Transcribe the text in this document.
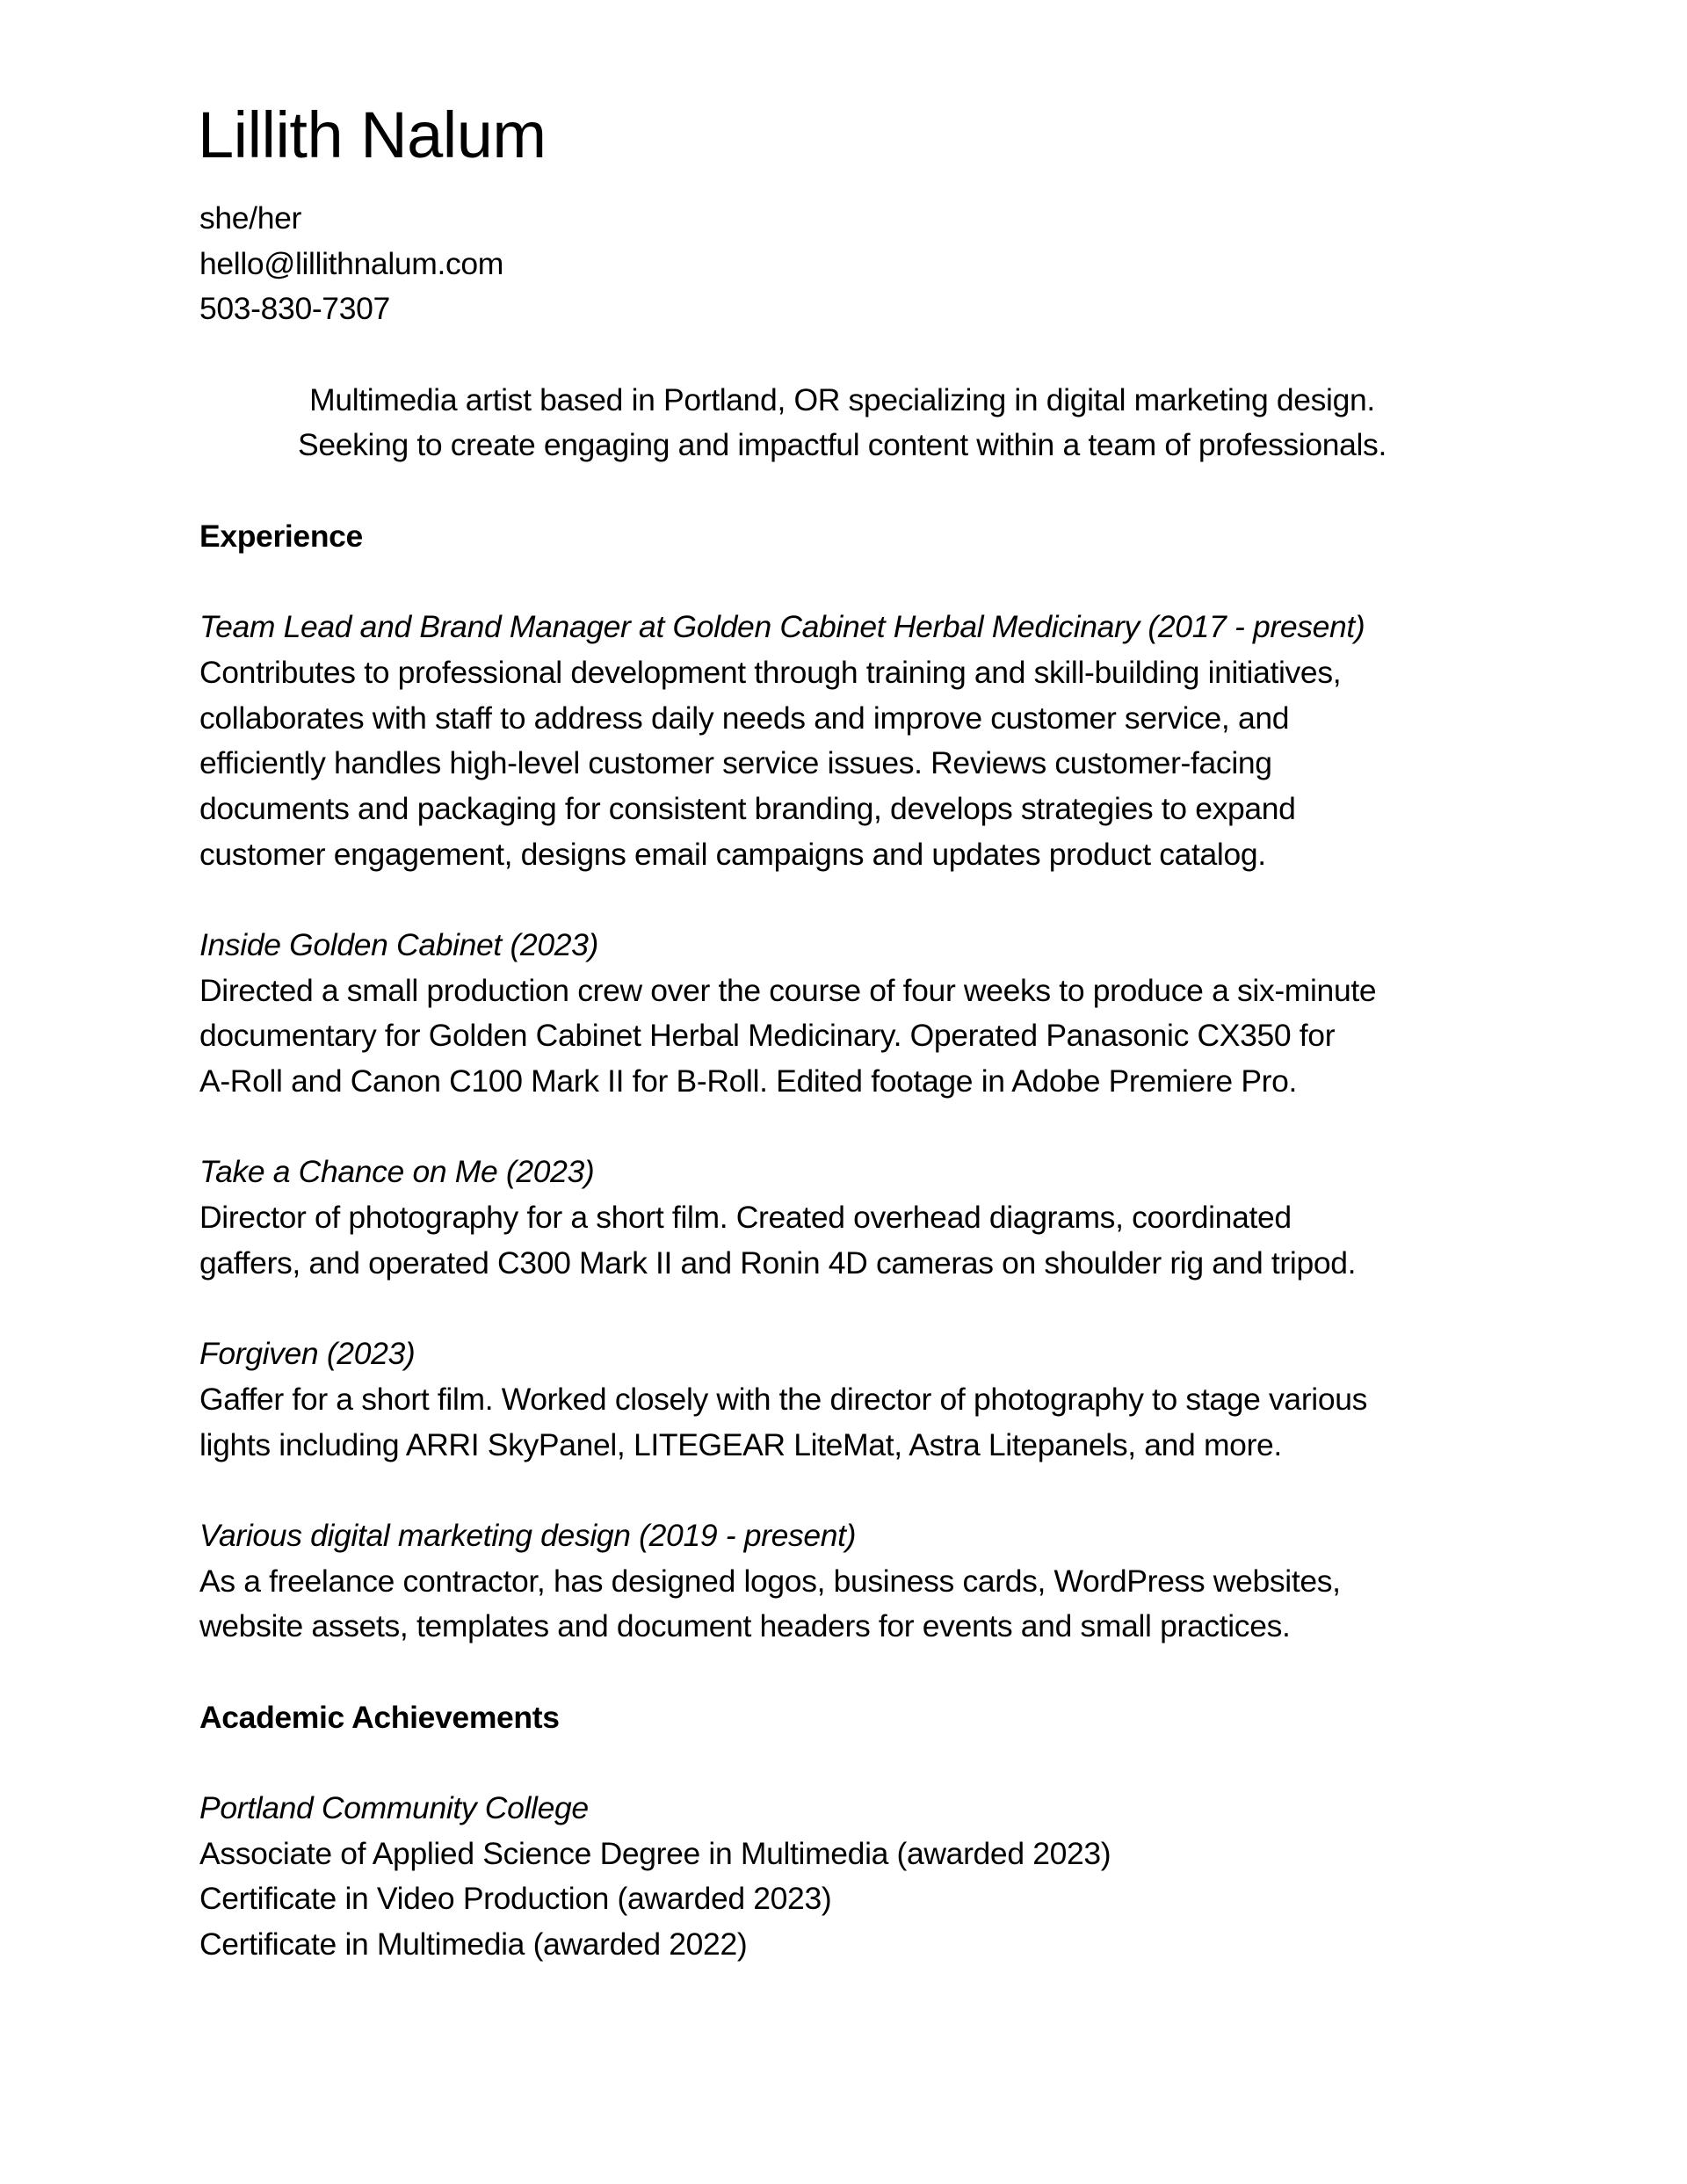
Lillith Nalum
she/her
hello@lillithnalum.com
503-830-7307
Multimedia artist based in Portland, OR specializing in digital marketing design.
Seeking to create engaging and impactful content within a team of professionals.
Experience
Team Lead and Brand Manager at Golden Cabinet Herbal Medicinary (2017 - present)
Contributes to professional development through training and skill-building initiatives,
collaborates with staff to address daily needs and improve customer service, and
efficiently handles high-level customer service issues. Reviews customer-facing
documents and packaging for consistent branding, develops strategies to expand
customer engagement, designs email campaigns and updates product catalog.
Inside Golden Cabinet (2023)
Directed a small production crew over the course of four weeks to produce a six-minute
documentary for Golden Cabinet Herbal Medicinary. Operated Panasonic CX350 for
A-Roll and Canon C100 Mark II for B-Roll. Edited footage in Adobe Premiere Pro.
Take a Chance on Me (2023)
Director of photography for a short film. Created overhead diagrams, coordinated
gaffers, and operated C300 Mark II and Ronin 4D cameras on shoulder rig and tripod.
Forgiven (2023)
Gaffer for a short film. Worked closely with the director of photography to stage various
lights including ARRI SkyPanel, LITEGEAR LiteMat, Astra Litepanels, and more.
Various digital marketing design (2019 - present)
As a freelance contractor, has designed logos, business cards, WordPress websites,
website assets, templates and document headers for events and small practices.
Academic Achievements
Portland Community College
Associate of Applied Science Degree in Multimedia (awarded 2023)
Certificate in Video Production (awarded 2023)
Certificate in Multimedia (awarded 2022)
